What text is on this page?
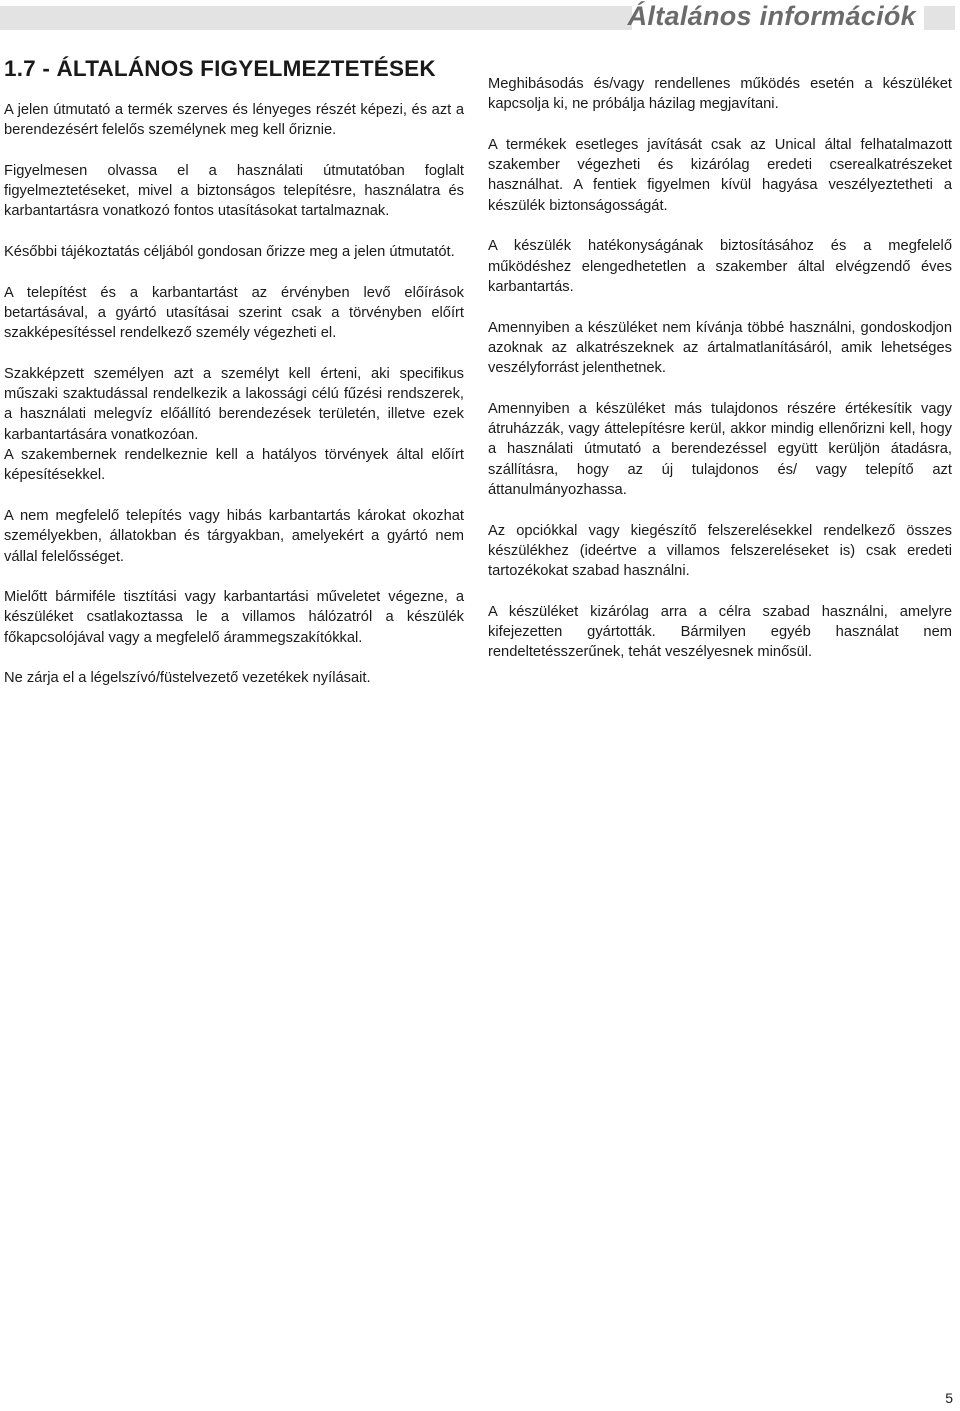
Általános információk
1.7 - ÁLTALÁNOS FIGYELMEZTETÉSEK

A jelen útmutató a termék szerves és lényeges részét képezi, és azt a berendezésért felelős személynek meg kell őriznie.

Figyelmesen olvassa el a használati útmutatóban foglalt figyelmeztetéseket, mivel a biztonságos telepítésre, használatra és karbantartásra vonatkozó fontos utasításokat tartalmaznak.

Későbbi tájékoztatás céljából gondosan őrizze meg a jelen útmutatót.

A telepítést és a karbantartást az érvényben levő előírások betartásával, a gyártó utasításai szerint csak a törvényben előírt szakképesítéssel rendelkező személy végezheti el.

Szakképzett személyen azt a személyt kell érteni, aki specifikus műszaki szaktudással rendelkezik a lakossági célú fűzési rendszerek, a használati melegvíz előállító berendezések területén, illetve ezek karbantartására vonatkozóan.

A szakembernek rendelkeznie kell a hatályos törvények által előírt képesítésekkel.

A nem megfelelő telepítés vagy hibás karbantartás károkat okozhat személyekben, állatokban és tárgyakban, amelyekért a gyártó nem vállal felelősséget.

Mielőtt bármiféle tisztítási vagy karbantartási műveletet végezne, a készüléket csatlakoztassa le a villamos hálózatról a készülék főkapcsolójával vagy a megfelelő árammegszakítókkal.

Ne zárja el a légelszívó/füstelvezető vezetékek nyílásait.

Meghibásodás és/vagy rendellenes működés esetén a készüléket kapcsolja ki, ne próbálja házilag megjavítani.

A termékek esetleges javítását csak az Unical által felhatalmazott szakember végezheti és kizárólag eredeti cserealkatrészeket használhat. A fentiek figyelmen kívül hagyása veszélyeztetheti a készülék biztonságosságát.

A készülék hatékonyságának biztosításához és a megfelelő működéshez elengedhetetlen a szakember által elvégzendő éves karbantartás.

Amennyiben a készüléket nem kívánja többé használni, gondoskodjon azoknak az alkatrészeknek az ártalmatlanításáról, amik lehetséges veszélyforrást jelenthetnek.

Amennyiben a készüléket más tulajdonos részére értékesítik vagy átruházzák, vagy áttelepítésre kerül, akkor mindig ellenőrizni kell, hogy a használati útmutató a berendezéssel együtt kerüljön átadásra, szállításra, hogy az új tulajdonos és/ vagy telepítő azt áttanulmányozhassa.

Az opciókkal vagy kiegészítő felszerelésekkel rendelkező összes készülékhez (ideértve a villamos felszereléseket is) csak eredeti tartozékokat szabad használni.

A készüléket kizárólag arra a célra szabad használni, amelyre kifejezetten gyártották. Bármilyen egyéb használat nem rendeltetésszerűnek, tehát veszélyesnek minősül.

5
